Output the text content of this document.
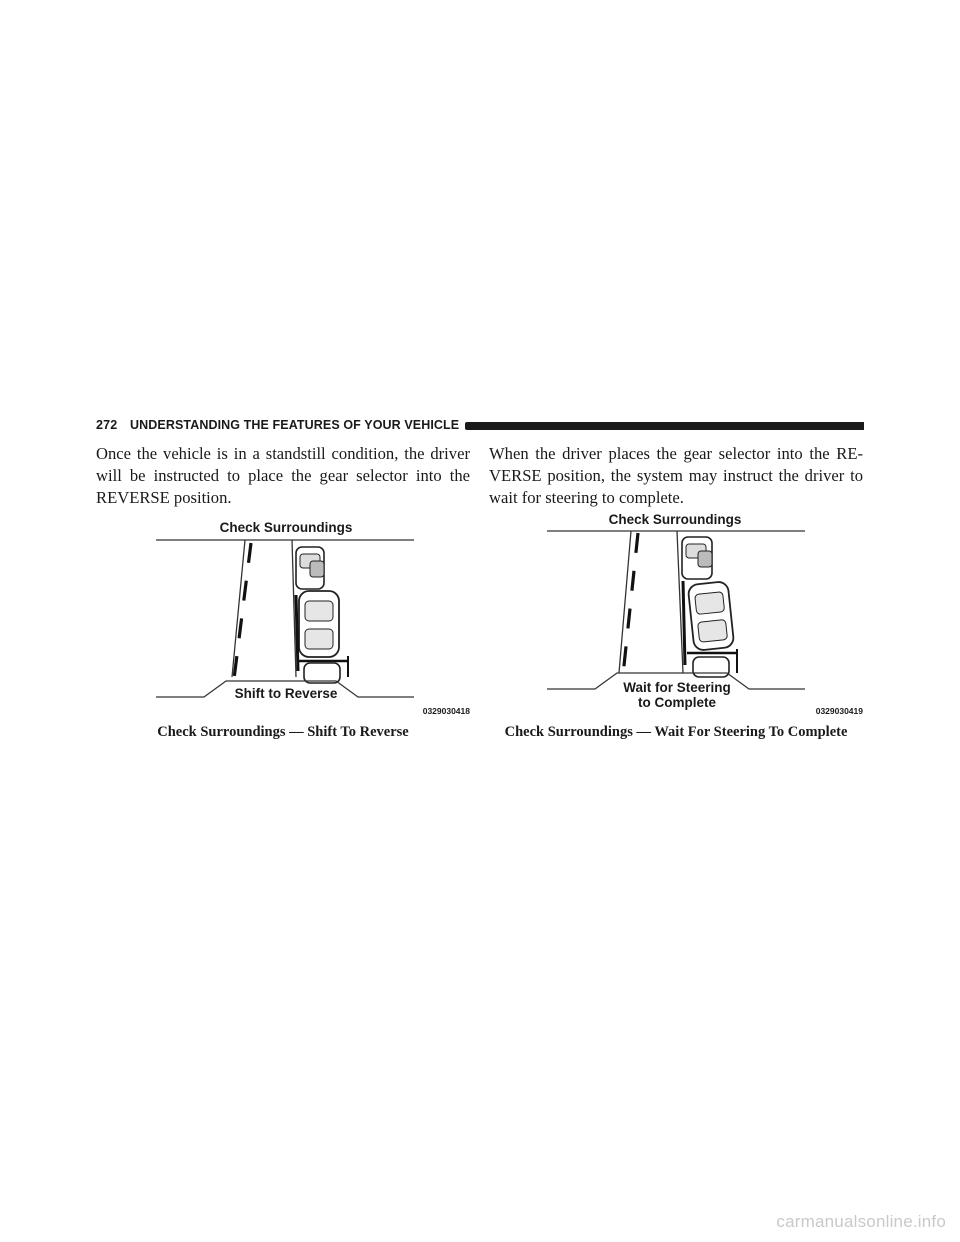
272 UNDERSTANDING THE FEATURES OF YOUR VEHICLE

Once the vehicle is in a standstill condition, the driver will be instructed to place the gear selector into the REVERSE position.

When the driver places the gear selector into the RE-VERSE position, the system may instruct the driver to wait for steering to complete.

Check Surroundings
Shift to Reverse
0329030418
Check Surroundings
Wait for Steering
to Complete
0329030419
Check Surroundings — Shift To Reverse	Check Surroundings — Wait For Steering To Complete
carmanualsonline.info
